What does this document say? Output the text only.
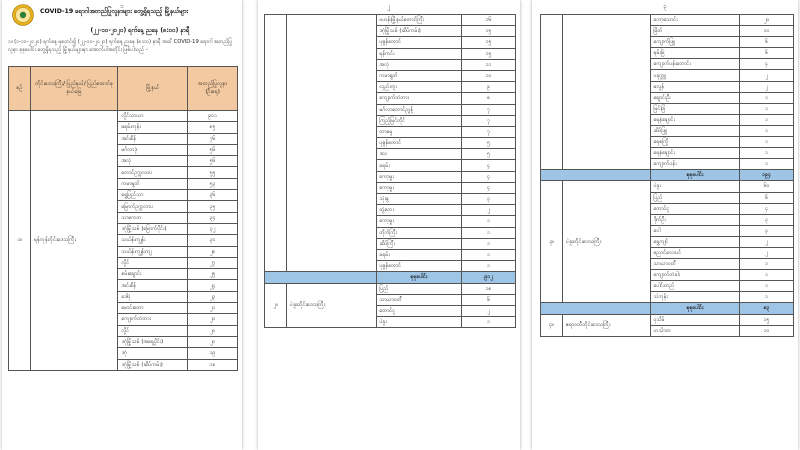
၁
COVID-19 ရောဂါအတည်ပြုလူနာများ တွေ့ရှိရသည့် မြို့နယ်များ
(၂၂-၁၀-၂၀၂၀) ရက်နေ့ ညနေ (၈:၀၀) နာရီ
၁။ (၁-၁၀-၂၀၂၀) ရက်နေ့ မှစတင်၍ (၂၂-၁၀-၂၀၂၀) ရက်နေ့ ညနေ (၈:၀၀) နာရီ အထိ COVID-19 ရောဂါ အတည်ပြုလူနာ စုစုပေါင်း တွေ့ရှိရသည့် မြို့နယ်များမှာ အောက်ပါအတိုင်း ဖြစ်ပါသည် -
စဉ်	တိုင်းဒေသကြီး/ ပြည်နယ်/ ပြည်ထောင်စုနယ်မြေ	မြို့နယ်	အတည်ပြုလူနာ (ဦးရေ)
၁။	ရန်ကုန်တိုင်းဒေသကြီး	လှိုင်သာယာ	၉၀၁
		မရမ်းကုန်း	၈၅
		အင်းစိန်	၇၆
		မင်္ဂလာဒုံ	၅၆
		အလုံ	၅၆
		တောင်ဥက္ကလာပ	၅၅
		ကမာရွတ်	၅၃
		ရွှေပြည်သာ	၃၆
		မြောက်ဥက္ကလာပ	၃၅
		သာကေတ	၃၄
		ဒဂုံမြို့သစ် (မြောက်ပိုင်း)	၃၂
		သင်္ဃန်းကျွန်း	၃၀
		သင်္ဃန်းကျွန်းကျ	၂၈
		လှိုင်	၂၇
		စမ်းချောင်း	၂၅
		အင်းစိန်	၂၄
		ဒေါပုံ	၂၃
		မောင်းတော	၂၁
		ကျောက်တံတား	၂၀
		လှိုင်	၂၀
		ဒဂုံမြို့သစ် (အရှေ့ပိုင်း)	၂၀
		ဒဂုံ	၁၉
		ဒဂုံမြို့သစ် (ဆိပ်ကမ်း)	၁၈
၂
		ဗဟန်းမြို့နယ်တောင်ကြီး	၁၆
		ဒဂုံမြို့သစ် (ဆိပ်ကမ်း)	၁၅
		ပုဇွန်တောင်	၁၅
		ရန်ကင်း	၁၅
		အလုံ	၁၁
		ကမာရွတ်	၁၀
		လှည်းကူး	၉
		ကျောက်တံတား	၈
		မင်္ဂလာတောင်ညွန့်	၇
		ကြည့်မြင်တိုင်	၇
		တာမွေ	၇
		ပုဇွန်တောင်	၅
		ဒလ	၅
		ခရမ်း	၄
		ကော့မှူး	၄
		ကော့မှူး	၄
		သုံးခွ	၃
		တွံတေး	၂
		ကော့မှူး	၁
		တိုက်ကြီး	၁
		ဆိပ်ကြီး	၁
		ခရမ်း	၁
		ပုဇွန်တောင်	၁
		စုစုပေါင်း	၉၁၂
၂။	ပဲခူးတိုင်းဒေသကြီး	ပြည်	၁၈
		သာယာဝတီ	၆
		တောင်ငူ	၂
		ပဲခူး	၁
၃
		ကော့သောင်း	၂၀
		မြိတ်	၁၀
		ကျောက်ဖြူ	၆
		ရမ်းဗြဲ	၆
		ကျောက်ပန်းတောင်း	၄
		ပခုက္ကူ	၂
		မလွန်	၂
		ချောင်းဦး	၁
		မြင်းခြံ	၁
		ရေနံချောင်း	၁
		ဆိပ်ဖြူ	၁
		ရေစကြို	၁
		ရေနံချောင်း	၁
		ကျောက်ပန်း	၁
		စုစုပေါင်း	၁၉၄
၃။	ပဲခူးတိုင်းဒေသကြီး	ပဲခူး	၆၀
		ပြည်	၆
		တောင်ငူ	၄
		ဒိုက်ဦး	၃
		ဝေါ	၃
		ရွှေကျင်	၂
		ညောင်လေးပင်	၂
		သာယာဝတီ	၁
		ကျောက်တံခါး	၁
		ပေါင်းတည်	၁
		သဲကုန်း	၁
		စုစုပေါင်း	၈၃
၄။	ဧရာဝတီတိုင်းဒေသကြီး	ပုသိမ်	၁၅
		ဟင်္သာတ	၁၀
